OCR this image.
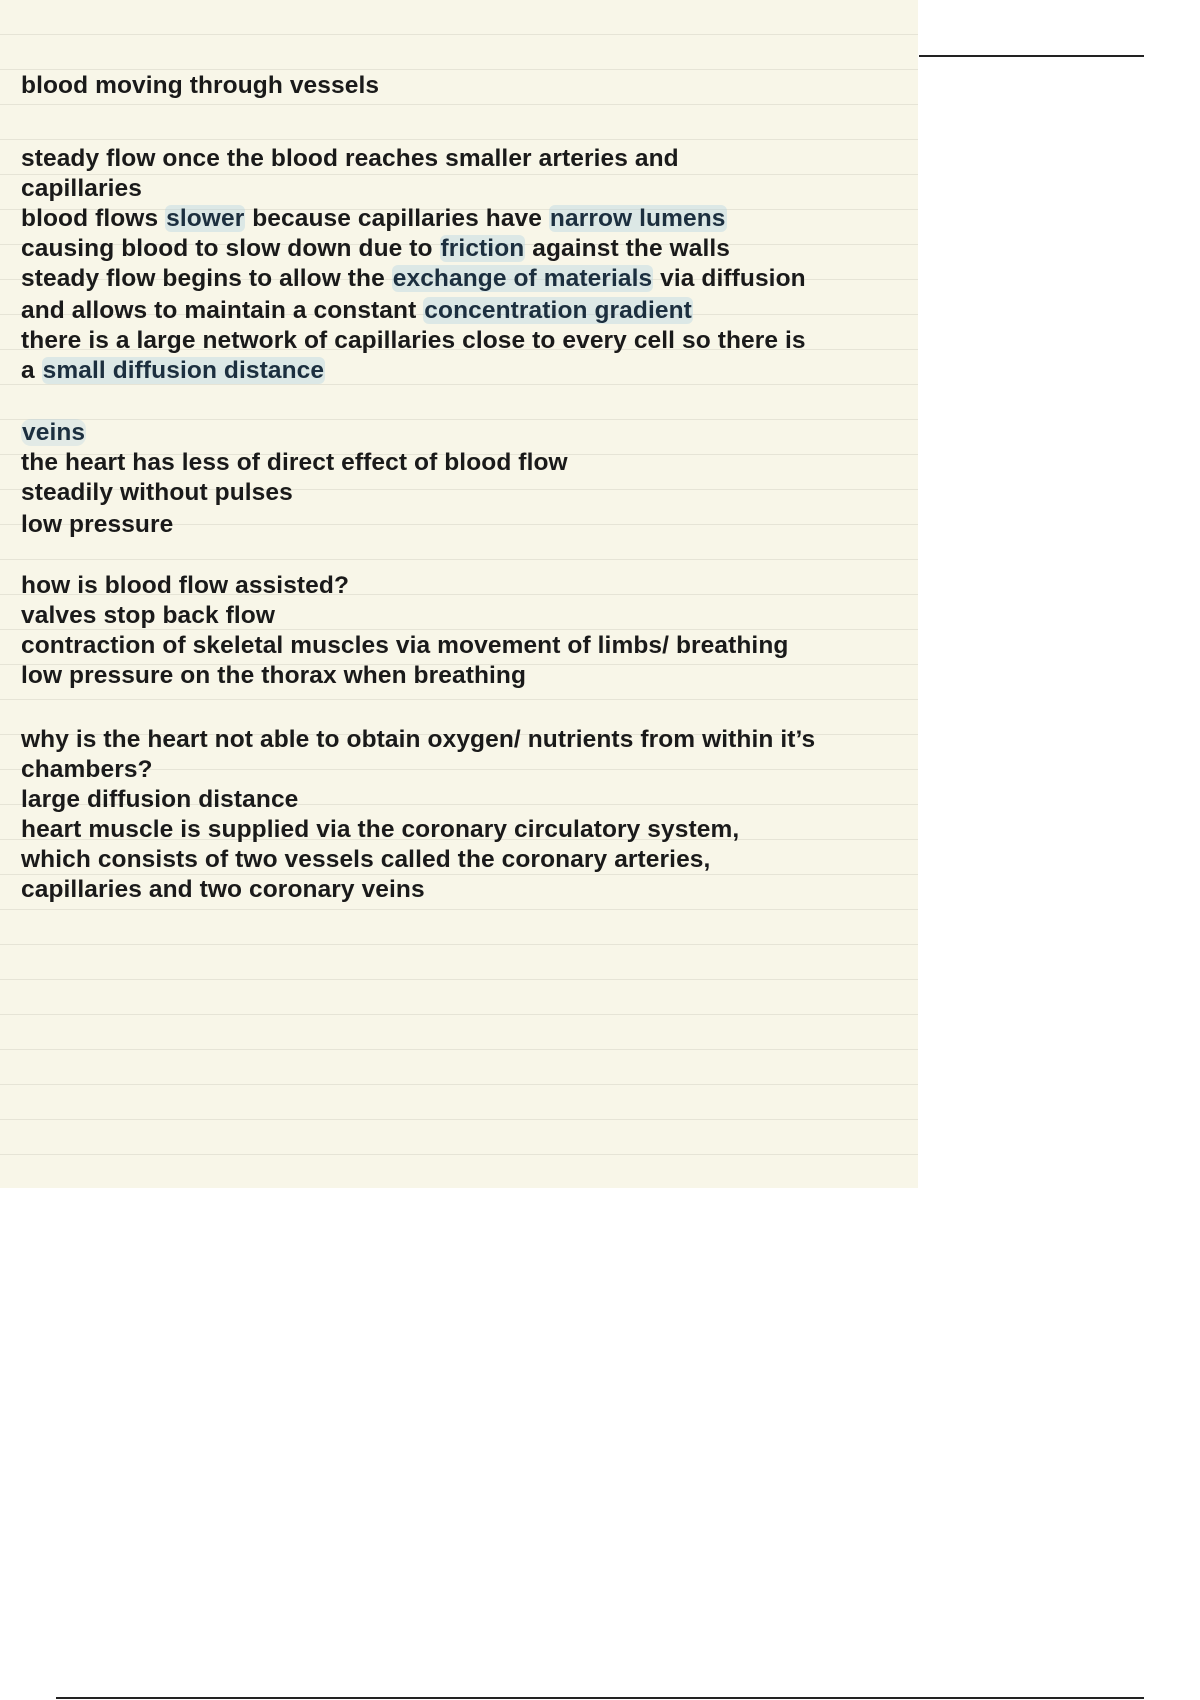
blood moving through vessels
steady flow once the blood reaches smaller arteries and
capillaries
blood flows slower because capillaries have narrow lumens
causing blood to slow down due to friction against the walls
steady flow begins to allow the exchange of materials via diffusion
and allows to maintain a constant concentration gradient
there is a large network of capillaries close to every cell so there is
a small diffusion distance
veins
the heart has less of direct effect of blood flow
steadily without pulses
low pressure
how is blood flow assisted?
valves stop back flow
contraction of skeletal muscles via movement of limbs/ breathing
low pressure on the thorax when breathing
why is the heart not able to obtain oxygen/ nutrients from within it’s
chambers?
large diffusion distance
heart muscle is supplied via the coronary circulatory system,
which consists of two vessels called the coronary arteries,
capillaries and two coronary veins
